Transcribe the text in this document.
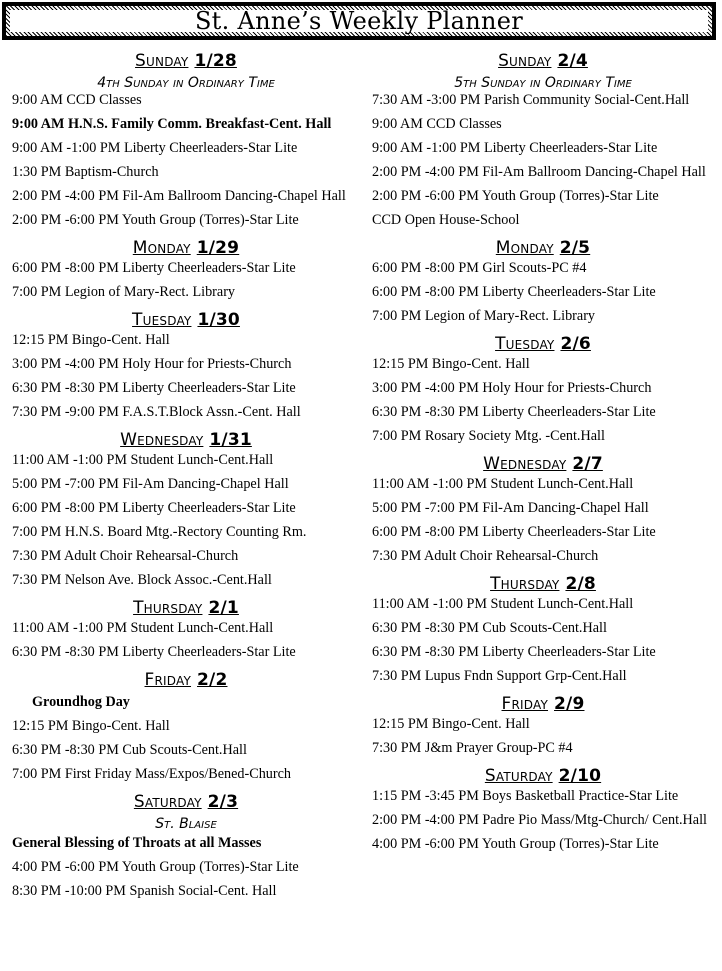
St. Anne’s Weekly Planner
Sunday 1/28
4th Sunday in Ordinary Time
9:00 AM CCD Classes
9:00 AM H.N.S. Family Comm. Breakfast-Cent. Hall
9:00 AM -1:00 PM Liberty Cheerleaders-Star Lite
1:30 PM Baptism-Church
2:00 PM -4:00 PM Fil-Am Ballroom Dancing-Chapel Hall
2:00 PM -6:00 PM Youth Group (Torres)-Star Lite
Monday 1/29
6:00 PM -8:00 PM Liberty Cheerleaders-Star Lite
7:00 PM Legion of Mary-Rect. Library
Tuesday 1/30
12:15 PM Bingo-Cent. Hall
3:00 PM -4:00 PM Holy Hour for Priests-Church
6:30 PM -8:30 PM Liberty Cheerleaders-Star Lite
7:30 PM -9:00 PM F.A.S.T.Block Assn.-Cent. Hall
Wednesday 1/31
11:00 AM -1:00 PM Student Lunch-Cent.Hall
5:00 PM -7:00 PM Fil-Am Dancing-Chapel Hall
6:00 PM -8:00 PM Liberty Cheerleaders-Star Lite
7:00 PM H.N.S. Board Mtg.-Rectory Counting Rm.
7:30 PM Adult Choir Rehearsal-Church
7:30 PM Nelson Ave. Block Assoc.-Cent.Hall
Thursday 2/1
11:00 AM -1:00 PM Student Lunch-Cent.Hall
6:30 PM -8:30 PM Liberty Cheerleaders-Star Lite
Friday 2/2
Groundhog Day
12:15 PM Bingo-Cent. Hall
6:30 PM -8:30 PM Cub Scouts-Cent.Hall
7:00 PM First Friday Mass/Expos/Bened-Church
Saturday 2/3
St. Blaise
General Blessing of Throats at all Masses
4:00 PM -6:00 PM Youth Group (Torres)-Star Lite
8:30 PM -10:00 PM Spanish Social-Cent. Hall
Sunday 2/4
5th Sunday in Ordinary Time
7:30 AM -3:00 PM Parish Community Social-Cent.Hall
9:00 AM CCD Classes
9:00 AM -1:00 PM Liberty Cheerleaders-Star Lite
2:00 PM -4:00 PM Fil-Am Ballroom Dancing-Chapel Hall
2:00 PM -6:00 PM Youth Group (Torres)-Star Lite
CCD Open House-School
Monday 2/5
6:00 PM -8:00 PM Girl Scouts-PC #4
6:00 PM -8:00 PM Liberty Cheerleaders-Star Lite
7:00 PM Legion of Mary-Rect. Library
Tuesday 2/6
12:15 PM Bingo-Cent. Hall
3:00 PM -4:00 PM Holy Hour for Priests-Church
6:30 PM -8:30 PM Liberty Cheerleaders-Star Lite
7:00 PM Rosary Society Mtg. -Cent.Hall
Wednesday 2/7
11:00 AM -1:00 PM Student Lunch-Cent.Hall
5:00 PM -7:00 PM Fil-Am Dancing-Chapel Hall
6:00 PM -8:00 PM Liberty Cheerleaders-Star Lite
7:30 PM Adult Choir Rehearsal-Church
Thursday 2/8
11:00 AM -1:00 PM Student Lunch-Cent.Hall
6:30 PM -8:30 PM Cub Scouts-Cent.Hall
6:30 PM -8:30 PM Liberty Cheerleaders-Star Lite
7:30 PM Lupus Fndn Support Grp-Cent.Hall
Friday 2/9
12:15 PM Bingo-Cent. Hall
7:30 PM J&m Prayer Group-PC #4
Saturday 2/10
1:15 PM -3:45 PM Boys Basketball Practice-Star Lite
2:00 PM -4:00 PM Padre Pio Mass/Mtg-Church/ Cent.Hall
4:00 PM -6:00 PM Youth Group (Torres)-Star Lite
